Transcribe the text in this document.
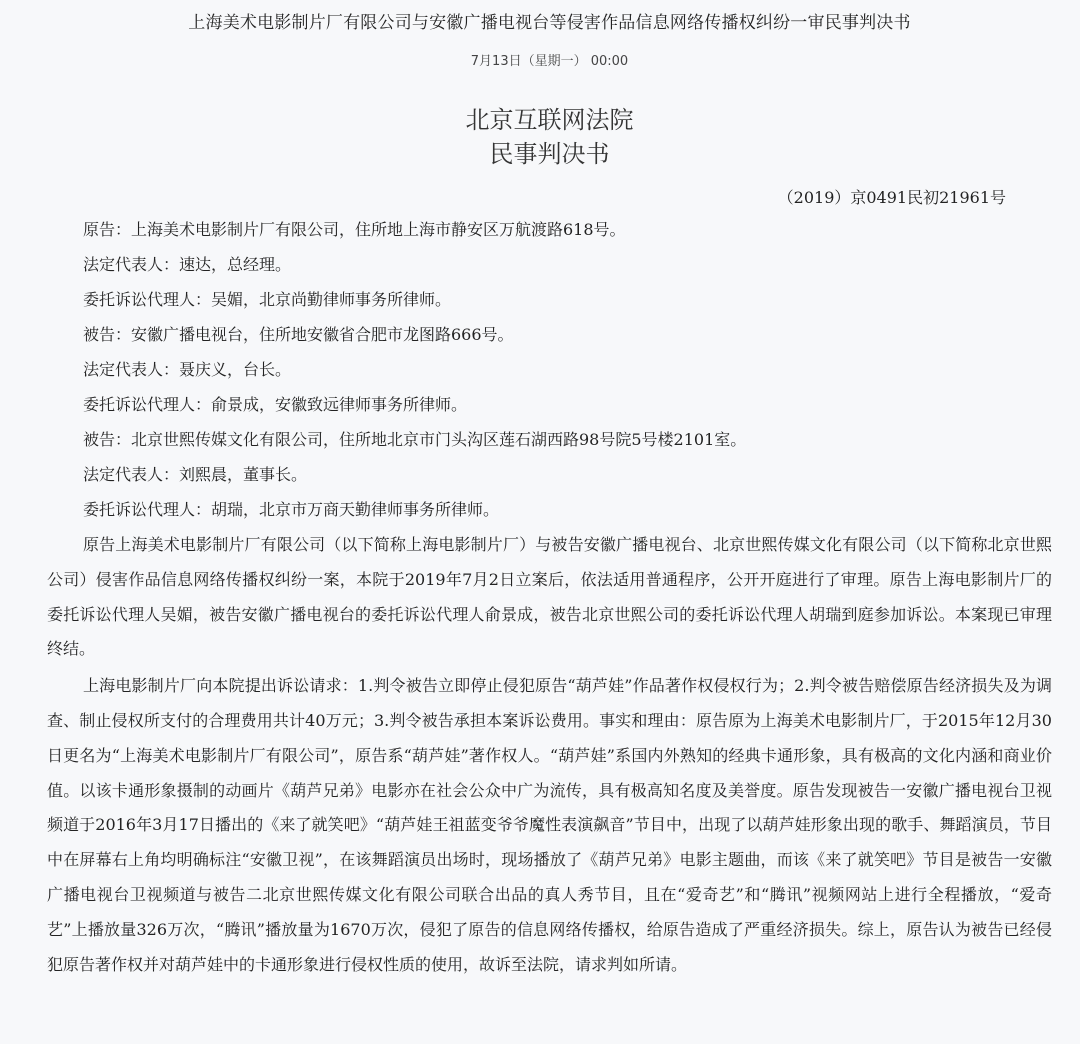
上海美术电影制片厂有限公司与安徽广播电视台等侵害作品信息网络传播权纠纷一审民事判决书
7月13日（星期一） 00:00
北京互联网法院
民事判决书
（2019）京0491民初21961号
原告：上海美术电影制片厂有限公司，住所地上海市静安区万航渡路618号。
法定代表人：速达，总经理。
委托诉讼代理人：吴媚，北京尚勤律师事务所律师。
被告：安徽广播电视台，住所地安徽省合肥市龙图路666号。
法定代表人：聂庆义，台长。
委托诉讼代理人：俞景成，安徽致远律师事务所律师。
被告：北京世熙传媒文化有限公司，住所地北京市门头沟区莲石湖西路98号院5号楼2101室。
法定代表人：刘熙晨，董事长。
委托诉讼代理人：胡瑞，北京市万商天勤律师事务所律师。

原告上海美术电影制片厂有限公司（以下简称上海电影制片厂）与被告安徽广播电视台、北京世熙传媒文化有限公司（以下简称北京世熙公司）侵害作品信息网络传播权纠纷一案，本院于2019年7月2日立案后，依法适用普通程序，公开开庭进行了审理。原告上海电影制片厂的委托诉讼代理人吴媚，被告安徽广播电视台的委托诉讼代理人俞景成，被告北京世熙公司的委托诉讼代理人胡瑞到庭参加诉讼。本案现已审理终结。

上海电影制片厂向本院提出诉讼请求：1.判令被告立即停止侵犯原告“葫芦娃”作品著作权侵权行为；2.判令被告赔偿原告经济损失及为调查、制止侵权所支付的合理费用共计40万元；3.判令被告承担本案诉讼费用。事实和理由：原告原为上海美术电影制片厂，于2015年12月30日更名为“上海美术电影制片厂有限公司”，原告系“葫芦娃”著作权人。“葫芦娃”系国内外熟知的经典卡通形象，具有极高的文化内涵和商业价值。以该卡通形象摄制的动画片《葫芦兄弟》电影亦在社会公众中广为流传，具有极高知名度及美誉度。原告发现被告一安徽广播电视台卫视频道于2016年3月17日播出的《来了就笑吧》“葫芦娃王祖蓝变爷爷魔性表演飙音”节目中，出现了以葫芦娃形象出现的歌手、舞蹈演员，节目中在屏幕右上角均明确标注“安徽卫视”，在该舞蹈演员出场时，现场播放了《葫芦兄弟》电影主题曲，而该《来了就笑吧》节目是被告一安徽广播电视台卫视频道与被告二北京世熙传媒文化有限公司联合出品的真人秀节目，且在“爱奇艺”和“腾讯”视频网站上进行全程播放，“爱奇艺”上播放量326万次，“腾讯”播放量为1670万次，侵犯了原告的信息网络传播权，给原告造成了严重经济损失。综上，原告认为被告已经侵犯原告著作权并对葫芦娃中的卡通形象进行侵权性质的使用，故诉至法院，请求判如所请。
